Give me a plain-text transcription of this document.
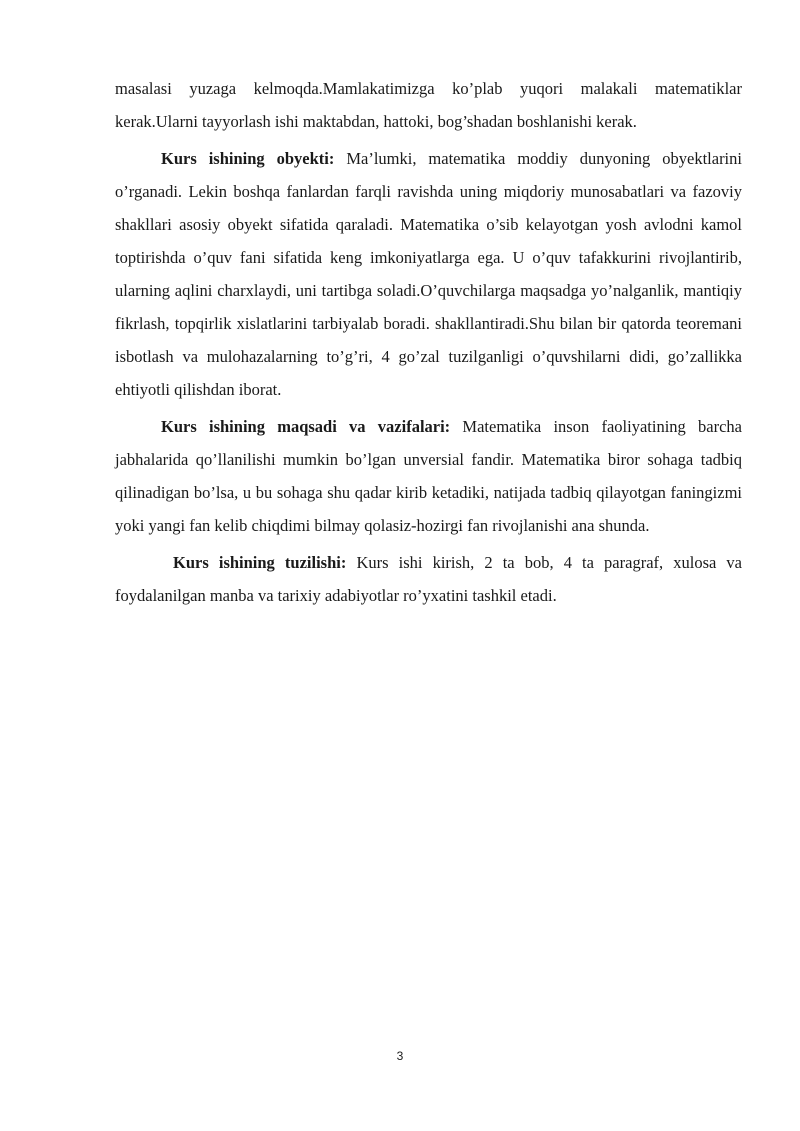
masalasi yuzaga kelmoqda.Mamlakatimizga ko’plab yuqori malakali matematiklar kerak.Ularni tayyorlash ishi maktabdan, hattoki, bog’shadan boshlanishi kerak.

Kurs ishining obyekti: Ma’lumki, matematika moddiy dunyoning obyektlarini o’rganadi. Lekin boshqa fanlardan farqli ravishda uning miqdoriy munosabatlari va fazoviy shakllari asosiy obyekt sifatida qaraladi. Matematika o’sib kelayotgan yosh avlodni kamol toptirishda o’quv fani sifatida keng imkoniyatlarga ega. U o’quv tafakkurini rivojlantirib, ularning aqlini charxlaydi, uni tartibga soladi.O’quvchilarga maqsadga yo’nalganlik, mantiqiy fikrlash, topqirlik xislatlarini tarbiyalab boradi. shakllantiradi.Shu bilan bir qatorda teoremani isbotlash va mulohazalarning to’g’ri, 4 go’zal tuzilganligi o’quvshilarni didi, go’zallikka ehtiyotli qilishdan iborat.

Kurs ishining maqsadi va vazifalari: Matematika inson faoliyatining barcha jabhalarida qo’llanilishi mumkin bo’lgan unversial fandir. Matematika biror sohaga tadbiq qilinadigan bo’lsa, u bu sohaga shu qadar kirib ketadiki, natijada tadbiq qilayotgan faningizmi yoki yangi fan kelib chiqdimi bilmay qolasiz-hozirgi fan rivojlanishi ana shunda.

Kurs ishining tuzilishi: Kurs ishi kirish, 2 ta bob, 4 ta paragraf, xulosa va foydalanilgan manba va tarixiy adabiyotlar ro’yxatini tashkil etadi.

3
